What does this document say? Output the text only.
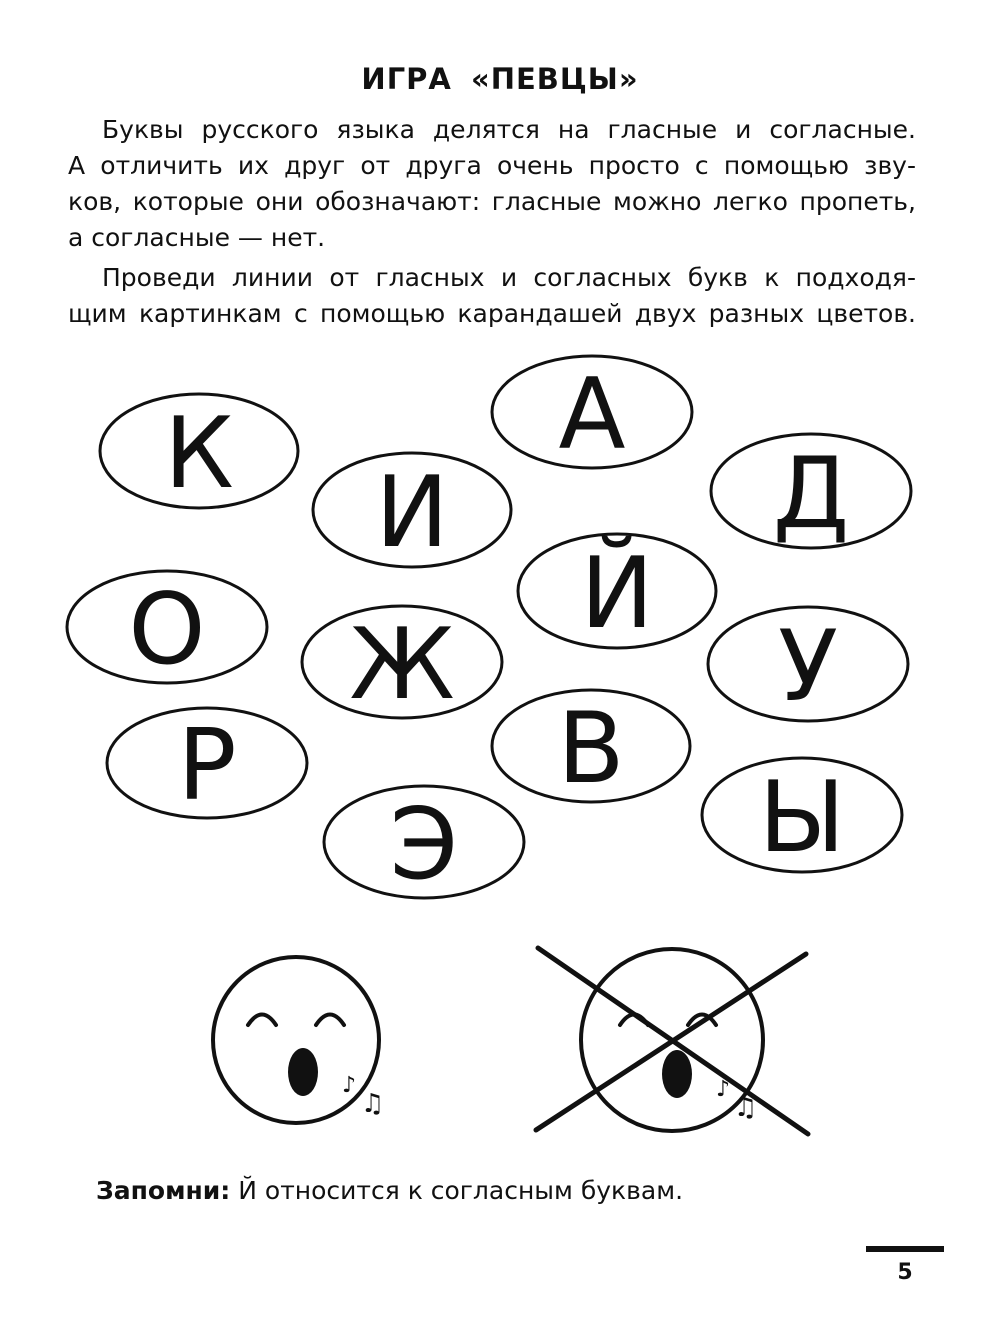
ИГРА «ПЕВЦЫ»
Буквы русского языка делятся на гласные и согласные.
А отличить их друг от друга очень просто с помощью зву-
ков, которые они обозначают: гласные можно легко пропеть,
а согласные — нет.
Проведи линии от гласных и согласных букв к подходя-
щим картинкам с помощью карандашей двух разных цветов.
К	А
И	Д
Й
О Ж	У
Р	В
Ы
Э
♪
♫	♪
♫
Запомни: Й относится к согласным буквам.
5
